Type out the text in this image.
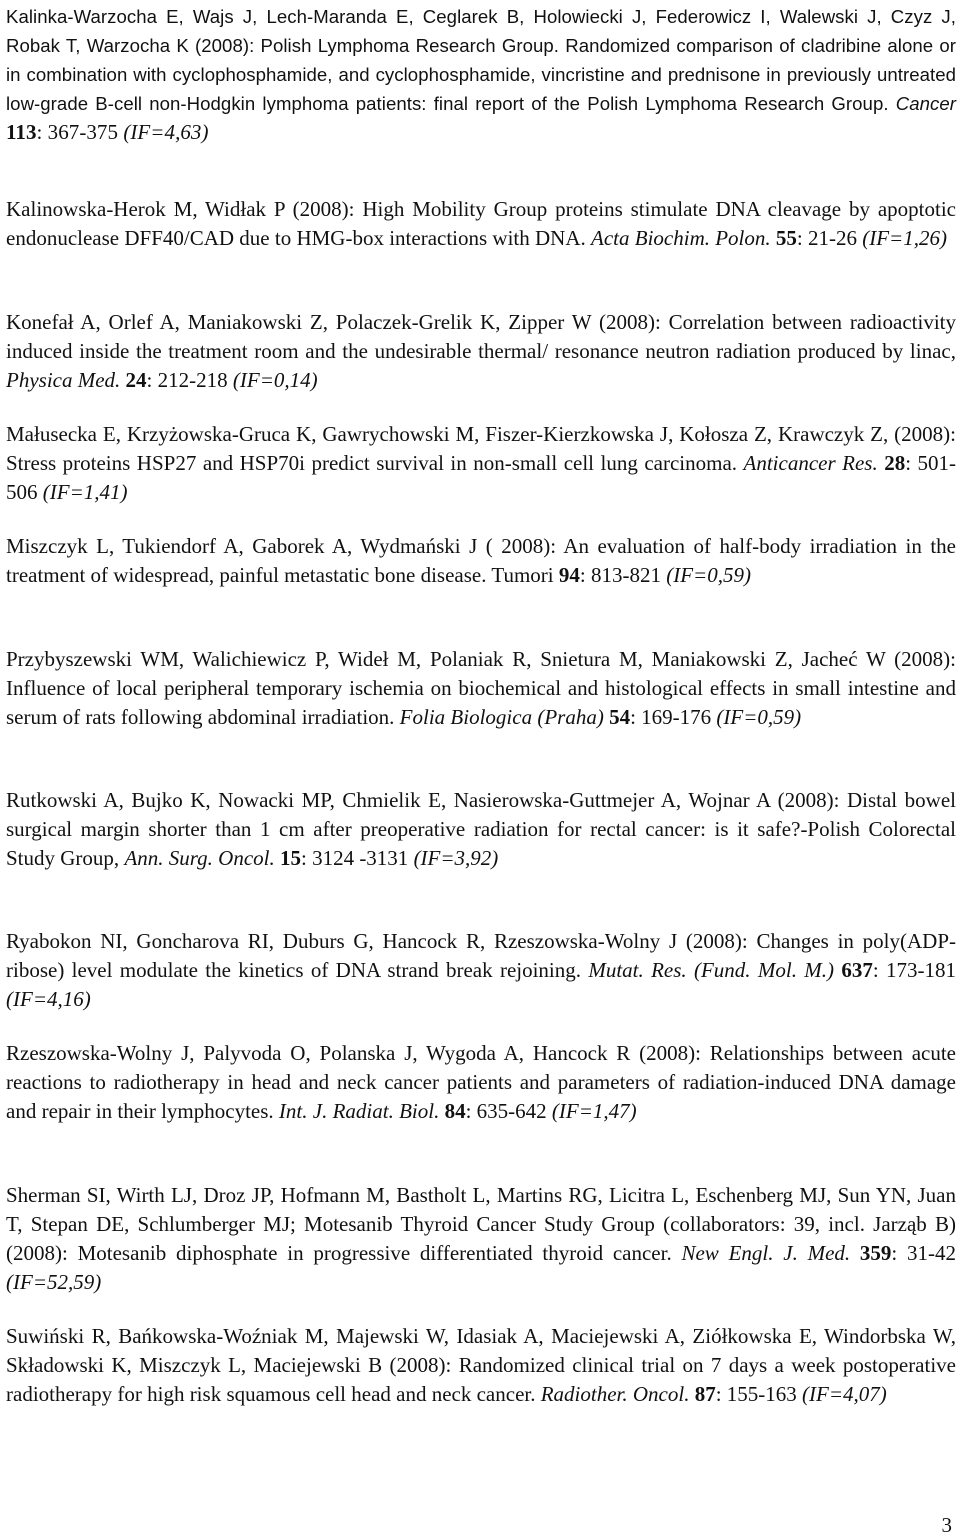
Kalinka-Warzocha E, Wajs J, Lech-Maranda E, Ceglarek B, Holowiecki J, Federowicz I, Walewski J, Czyz J, Robak T, Warzocha K (2008): Polish Lymphoma Research Group. Randomized comparison of cladribine alone or in combination with cyclophosphamide, and cyclophosphamide, vincristine and prednisone in previously untreated low-grade B-cell non-Hodgkin lymphoma patients: final report of the Polish Lymphoma Research Group. Cancer 113: 367-375 (IF=4,63)
Kalinowska-Herok M, Widłak P (2008): High Mobility Group proteins stimulate DNA cleavage by apoptotic endonuclease DFF40/CAD due to HMG-box interactions with DNA. Acta Biochim. Polon. 55: 21-26 (IF=1,26)
Konefał A, Orlef A, Maniakowski Z, Polaczek-Grelik K, Zipper W (2008): Correlation between radioactivity induced inside the treatment room and the undesirable thermal/ resonance neutron radiation produced by linac, Physica Med. 24: 212-218 (IF=0,14)
Małusecka E, Krzyżowska-Gruca K, Gawrychowski M, Fiszer-Kierzkowska J, Kołosza Z, Krawczyk Z, (2008): Stress proteins HSP27 and HSP70i predict survival in non-small cell lung carcinoma. Anticancer Res. 28: 501-506 (IF=1,41)
Miszczyk L, Tukiendorf A, Gaborek A, Wydmański J ( 2008): An evaluation of half-body irradiation in the treatment of widespread, painful metastatic bone disease. Tumori 94: 813-821 (IF=0,59)
Przybyszewski WM, Walichiewicz P, Wideł M, Polaniak R, Snietura M, Maniakowski Z, Jacheć W (2008): Influence of local peripheral temporary ischemia on biochemical and histological effects in small intestine and serum of rats following abdominal irradiation. Folia Biologica (Praha) 54: 169-176 (IF=0,59)
Rutkowski A, Bujko K, Nowacki MP, Chmielik E, Nasierowska-Guttmejer A, Wojnar A (2008): Distal bowel surgical margin shorter than 1 cm after preoperative radiation for rectal cancer: is it safe?-Polish Colorectal Study Group, Ann. Surg. Oncol. 15: 3124 -3131 (IF=3,92)
Ryabokon NI, Goncharova RI, Duburs G, Hancock R, Rzeszowska-Wolny J (2008): Changes in poly(ADP-ribose) level modulate the kinetics of DNA strand break rejoining. Mutat. Res. (Fund. Mol. M.) 637: 173-181 (IF=4,16)
Rzeszowska-Wolny J, Palyvoda O, Polanska J, Wygoda A, Hancock R (2008): Relationships between acute reactions to radiotherapy in head and neck cancer patients and parameters of radiation-induced DNA damage and repair in their lymphocytes. Int. J. Radiat. Biol. 84: 635-642 (IF=1,47)
Sherman SI, Wirth LJ, Droz JP, Hofmann M, Bastholt L, Martins RG, Licitra L, Eschenberg MJ, Sun YN, Juan T, Stepan DE, Schlumberger MJ; Motesanib Thyroid Cancer Study Group (collaborators: 39, incl. Jarząb B) (2008): Motesanib diphosphate in progressive differentiated thyroid cancer. New Engl. J. Med. 359: 31-42 (IF=52,59)
Suwiński R, Bańkowska-Woźniak M, Majewski W, Idasiak A, Maciejewski A, Ziółkowska E, Windorbska W, Składowski K, Miszczyk L, Maciejewski B (2008): Randomized clinical trial on 7 days a week postoperative radiotherapy for high risk squamous cell head and neck cancer. Radiother. Oncol. 87: 155-163 (IF=4,07)
3
